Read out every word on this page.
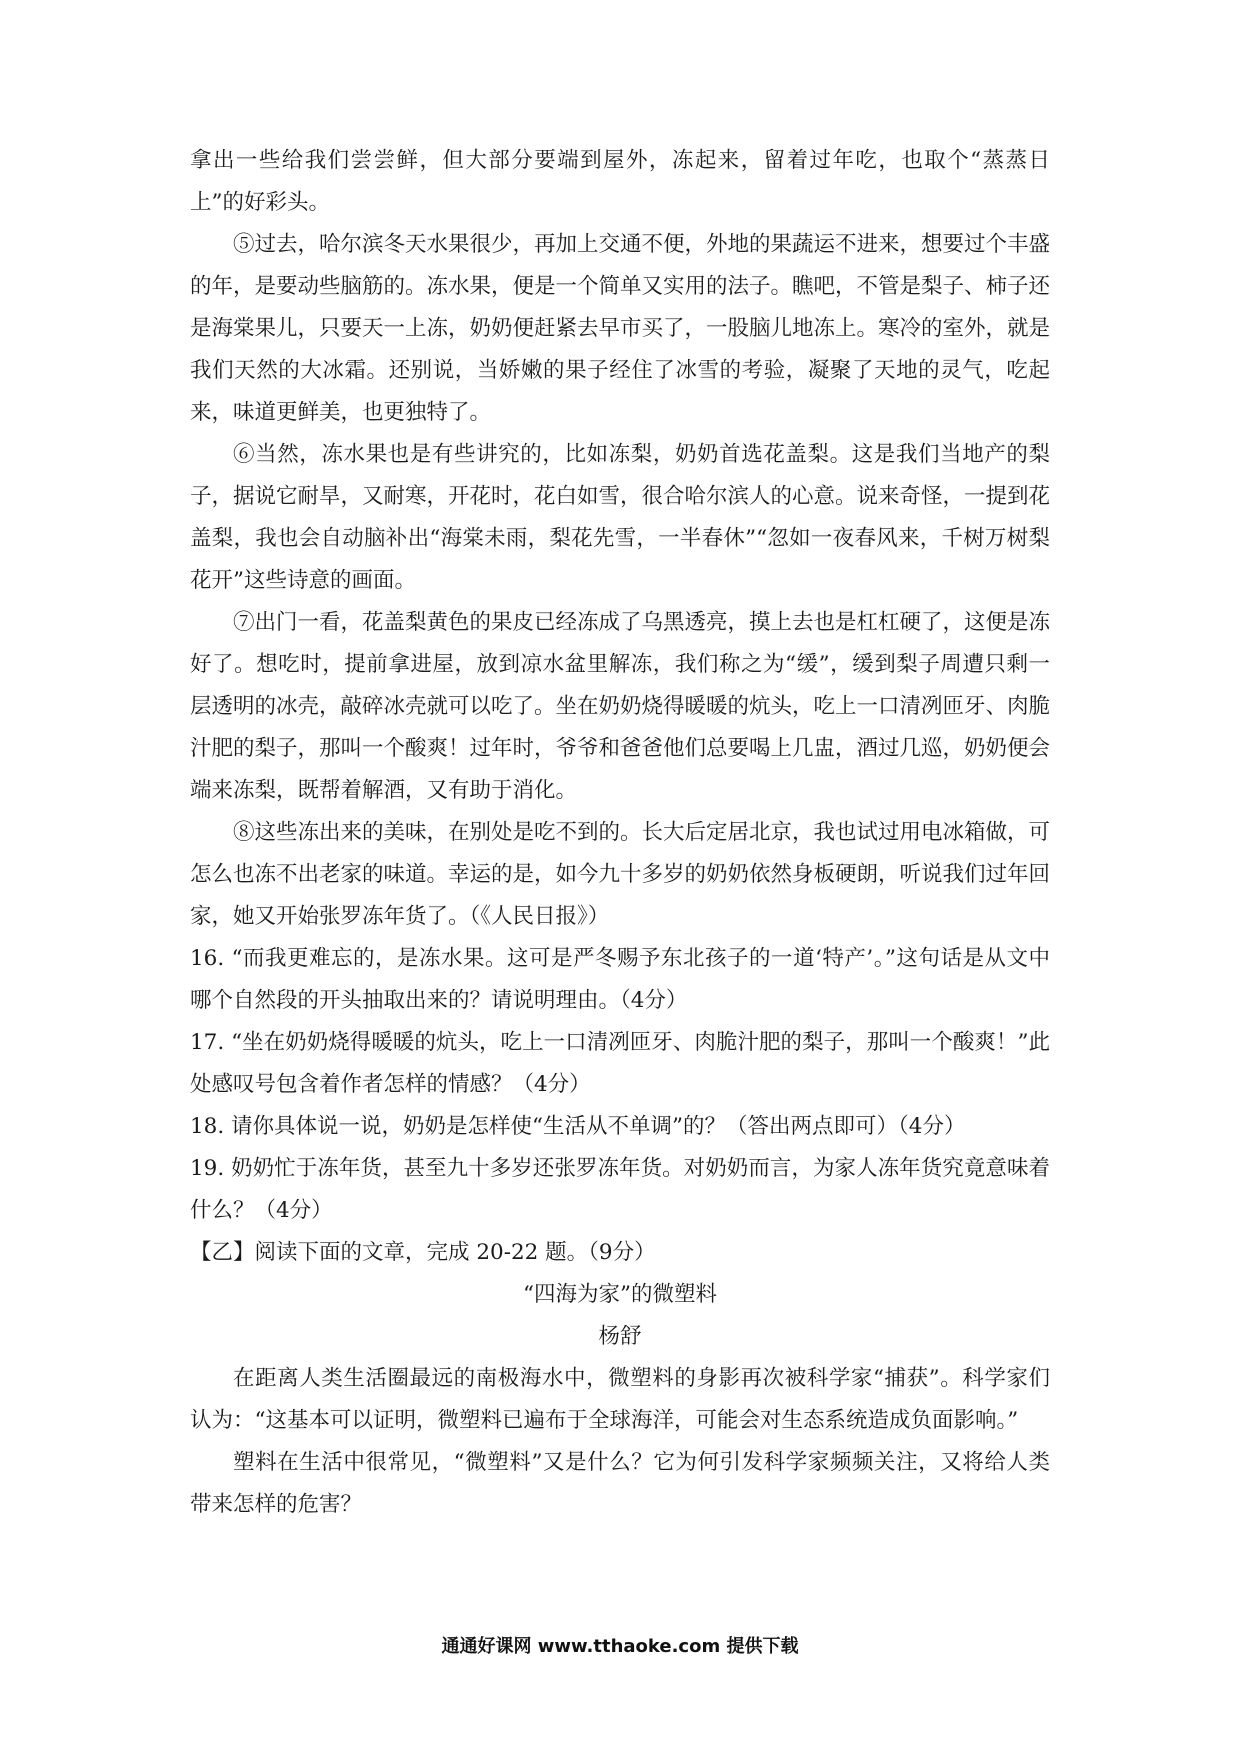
拿出一些给我们尝尝鲜，但大部分要端到屋外，冻起来，留着过年吃，也取个“蒸蒸日上”的好彩头。

⑤过去，哈尔滨冬天水果很少，再加上交通不便，外地的果蔬运不进来，想要过个丰盛的年，是要动些脑筋的。冻水果，便是一个简单又实用的法子。瞧吧，不管是梨子、柿子还是海棠果儿，只要天一上冻，奶奶便赶紧去早市买了，一股脑儿地冻上。寒冷的室外，就是我们天然的大冰霜。还别说，当娇嫩的果子经住了冰雪的考验，凝聚了天地的灵气，吃起来，味道更鲜美，也更独特了。

⑥当然，冻水果也是有些讲究的，比如冻梨，奶奶首选花盖梨。这是我们当地产的梨子，据说它耐旱，又耐寒，开花时，花白如雪，很合哈尔滨人的心意。说来奇怪，一提到花盖梨，我也会自动脑补出“海棠未雨，梨花先雪，一半春休”“忽如一夜春风来，千树万树梨花开”这些诗意的画面。

⑦出门一看，花盖梨黄色的果皮已经冻成了乌黑透亮，摸上去也是杠杠硬了，这便是冻好了。想吃时，提前拿进屋，放到凉水盆里解冻，我们称之为“缓”，缓到梨子周遭只剩一层透明的冰壳，敲碎冰壳就可以吃了。坐在奶奶烧得暖暖的炕头，吃上一口清冽匝牙、肉脆汁肥的梨子，那叫一个酸爽！过年时，爷爷和爸爸他们总要喝上几盅，酒过几巡，奶奶便会端来冻梨，既帮着解酒，又有助于消化。

⑧这些冻出来的美味，在别处是吃不到的。长大后定居北京，我也试过用电冰箱做，可怎么也冻不出老家的味道。幸运的是，如今九十多岁的奶奶依然身板硬朗，听说我们过年回家，她又开始张罗冻年货了。（《人民日报》）

16. “而我更难忘的，是冻水果。这可是严冬赐予东北孩子的一道‘特产’。”这句话是从文中哪个自然段的开头抽取出来的？请说明理由。（4分）

17. “坐在奶奶烧得暖暖的炕头，吃上一口清冽匝牙、肉脆汁肥的梨子，那叫一个酸爽！”此处感叹号包含着作者怎样的情感？（4分）

18. 请你具体说一说，奶奶是怎样使“生活从不单调”的？（答出两点即可）（4分）

19. 奶奶忙于冻年货，甚至九十多岁还张罗冻年货。对奶奶而言，为家人冻年货究竟意味着什么？（4分）

【乙】阅读下面的文章，完成 20-22 题。（9分）

“四海为家”的微塑料

杨舒

在距离人类生活圈最远的南极海水中，微塑料的身影再次被科学家“捕获”。科学家们认为：“这基本可以证明，微塑料已遍布于全球海洋，可能会对生态系统造成负面影响。”

塑料在生活中很常见，“微塑料”又是什么？它为何引发科学家频频关注，又将给人类带来怎样的危害？

通通好课网 www.tthaoke.com 提供下载
